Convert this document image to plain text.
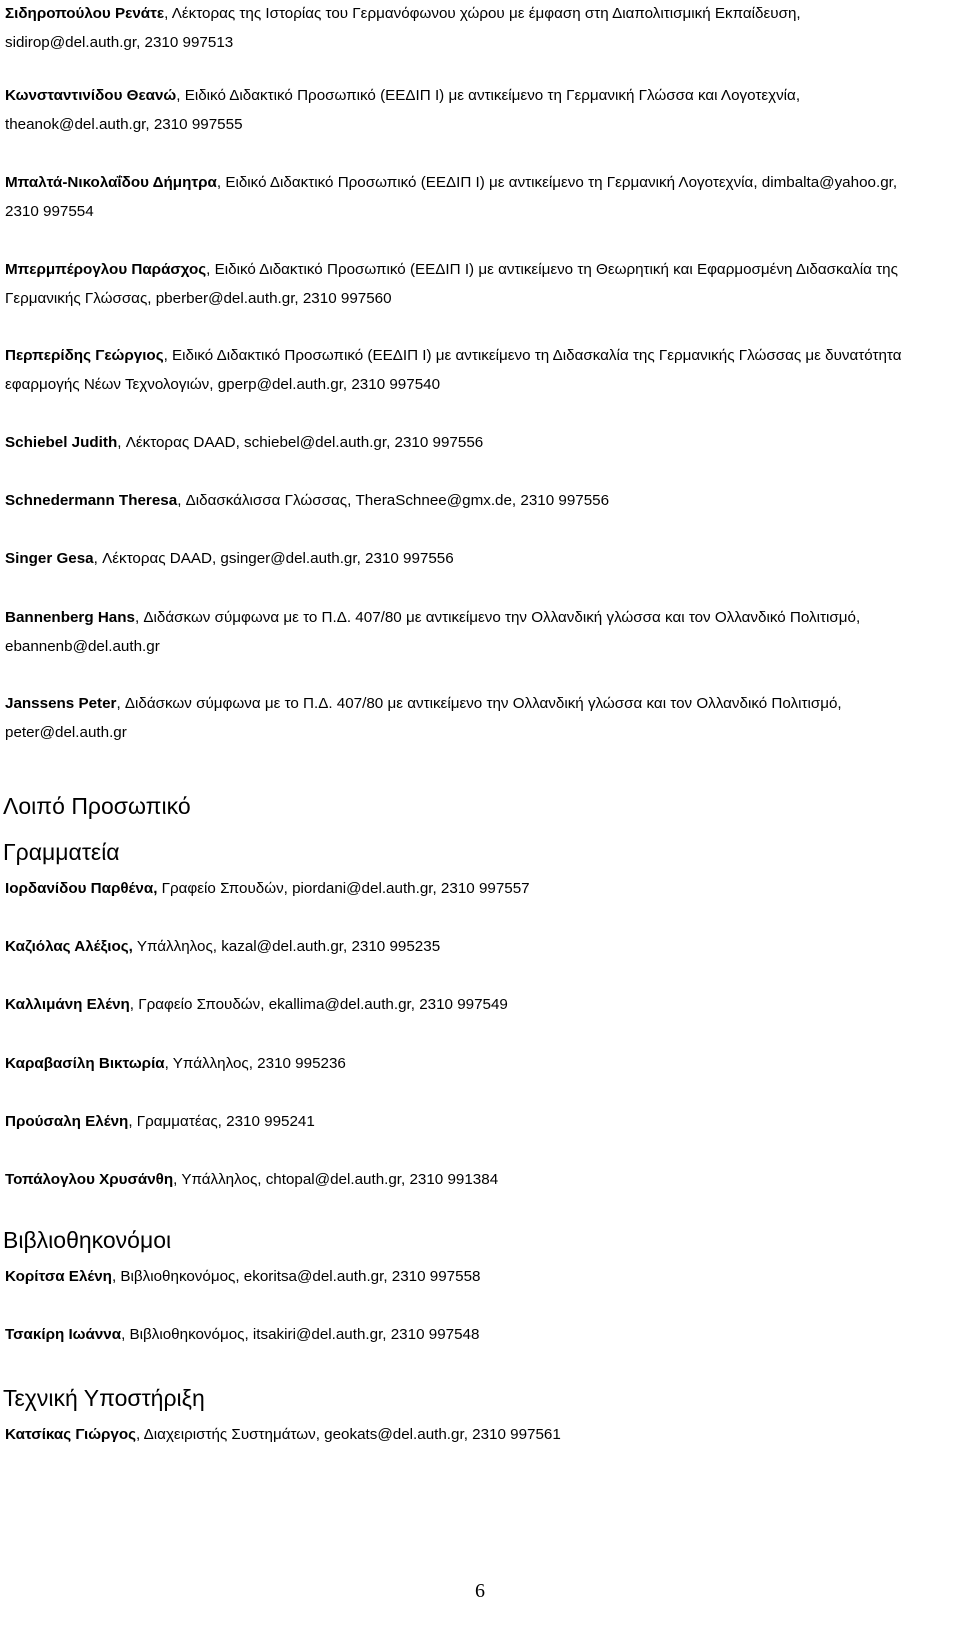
Σιδηροπούλου Ρενάτε, Λέκτορας της Ιστορίας του Γερμανόφωνου χώρου με έμφαση στη Διαπολιτισμική Εκπαίδευση, sidirop@del.auth.gr, 2310 997513

Κωνσταντινίδου Θεανώ, Ειδικό Διδακτικό Προσωπικό (ΕΕΔΙΠ Ι) με αντικείμενο τη Γερμανική Γλώσσα και Λογοτεχνία, theanok@del.auth.gr, 2310 997555

Μπαλτά-Νικολαΐδου Δήμητρα, Ειδικό Διδακτικό Προσωπικό (ΕΕΔΙΠ Ι) με αντικείμενο τη Γερμανική Λογοτεχνία, dimbalta@yahoo.gr, 2310 997554

Μπερμπέρογλου Παράσχος, Ειδικό Διδακτικό Προσωπικό (ΕΕΔΙΠ Ι) με αντικείμενο τη Θεωρητική και Εφαρμοσμένη Διδασκαλία της Γερμανικής Γλώσσας, pberber@del.auth.gr, 2310 997560

Περπερίδης Γεώργιος, Ειδικό Διδακτικό Προσωπικό (ΕΕΔΙΠ Ι) με αντικείμενο τη Διδασκαλία της Γερμανικής Γλώσσας με δυνατότητα εφαρμογής Νέων Τεχνολογιών, gperp@del.auth.gr, 2310 997540

Schiebel Judith, Λέκτορας DAAD, schiebel@del.auth.gr, 2310 997556

Schnedermann Theresa, Διδασκάλισσα Γλώσσας, TheraSchnee@gmx.de, 2310 997556

Singer Gesa, Λέκτορας DAAD, gsinger@del.auth.gr, 2310 997556

Bannenberg Hans, Διδάσκων σύμφωνα με το Π.Δ. 407/80 με αντικείμενο την Ολλανδική γλώσσα και τον Ολλανδικό Πολιτισμό, ebannenb@del.auth.gr

Janssens Peter, Διδάσκων σύμφωνα με το Π.Δ. 407/80 με αντικείμενο την Ολλανδική γλώσσα και τον Ολλανδικό Πολιτισμό, peter@del.auth.gr

Λοιπό Προσωπικό
Γραμματεία

Ιορδανίδου Παρθένα, Γραφείο Σπουδών, piordani@del.auth.gr, 2310 997557

Καζιόλας Αλέξιος, Υπάλληλος, kazal@del.auth.gr, 2310 995235

Καλλιμάνη Ελένη, Γραφείο Σπουδών, ekallima@del.auth.gr, 2310 997549

Καραβασίλη Βικτωρία, Υπάλληλος, 2310 995236

Προύσαλη Ελένη, Γραμματέας, 2310 995241

Τοπάλογλου Χρυσάνθη, Υπάλληλος, chtopal@del.auth.gr, 2310 991384

Βιβλιοθηκονόμοι

Κορίτσα Ελένη, Βιβλιοθηκονόμος, ekoritsa@del.auth.gr, 2310 997558

Τσακίρη Ιωάννα, Βιβλιοθηκονόμος, itsakiri@del.auth.gr, 2310 997548

Τεχνική Υποστήριξη

Κατσίκας Γιώργος, Διαχειριστής Συστημάτων, geokats@del.auth.gr, 2310 997561

6
